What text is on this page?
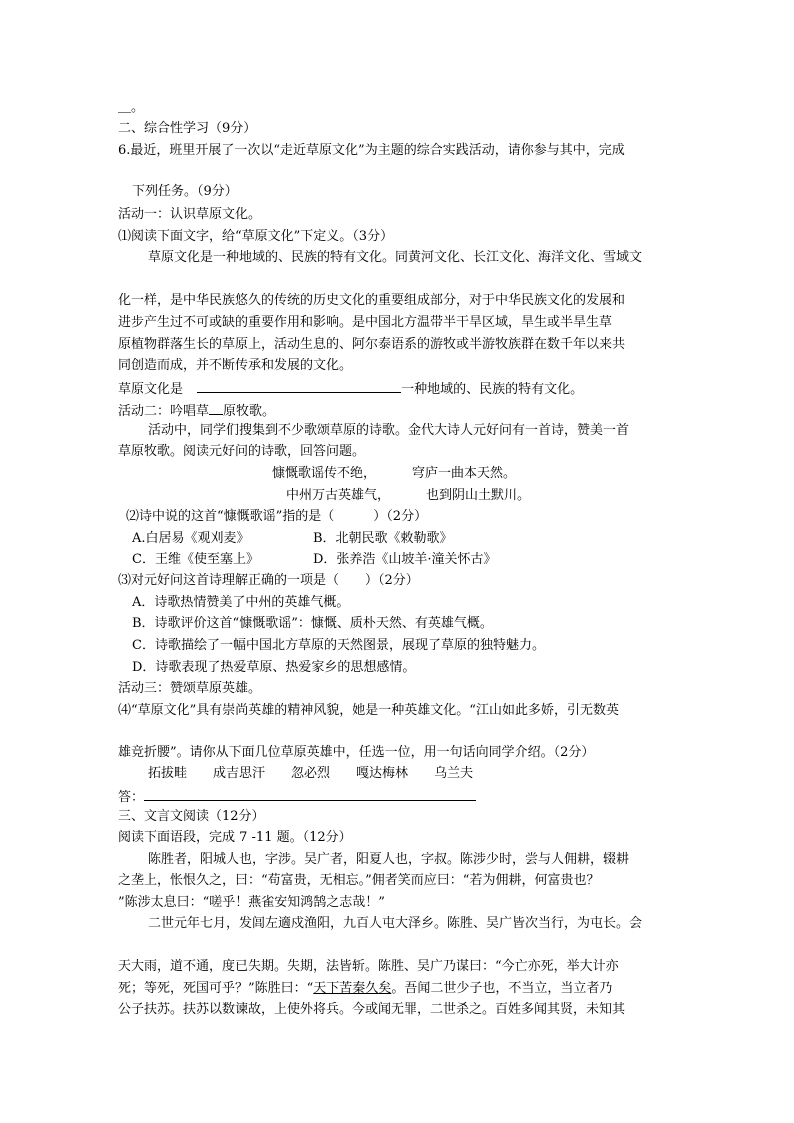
＿。
二、综合性学习（9分）
6.最近，班里开展了一次以“走近草原文化”为主题的综合实践活动，请你参与其中，完成
下列任务。（9分）
活动一：认识草原文化。
⑴阅读下面文字，给“草原文化”下定义。（3分）
草原文化是一种地域的、民族的特有文化。同黄河文化、长江文化、海洋文化、雪域文
化一样，是中华民族悠久的传统的历史文化的重要组成部分，对于中华民族文化的发展和
进步产生过不可或缺的重要作用和影响。是中国北方温带半干旱区域，旱生或半旱生草
原植物群落生长的草原上，活动生息的、阿尔泰语系的游牧或半游牧族群在数千年以来共
同创造而成，并不断传承和发展的文化。
草原文化是	一种地域的、民族的特有文化。
活动二：吟唱草 原牧歌。
活动中，同学们搜集到不少歌颂草原的诗歌。金代大诗人元好问有一首诗，赞美一首
草原牧歌。阅读元好问的诗歌，回答问题。
慷慨歌谣传不绝，	穹庐一曲本天然。
中州万古英雄气，	也到阴山土默川。
⑵诗中说的这首“慷慨歌谣”指的是（　　　）（2分）
A.白居易《观刈麦》	B．北朝民歌《敕勒歌》
C．王维《使至塞上》	D．张养浩《山坡羊·潼关怀古》
⑶对元好问这首诗理解正确的一项是（　　）（2分）
A．诗歌热情赞美了中州的英雄气概。
B．诗歌评价这首“慷慨歌谣”：慷慨、质朴天然、有英雄气概。
C．诗歌描绘了一幅中国北方草原的天然图景，展现了草原的独特魅力。
D．诗歌表现了热爱草原、热爱家乡的思想感情。
活动三：赞颂草原英雄。
⑷“草原文化”具有崇尚英雄的精神风貌，她是一种英雄文化。“江山如此多娇，引无数英
雄竞折腰”。请你从下面几位草原英雄中，任选一位，用一句话向同学介绍。（2分）
拓拔畦 成吉思汗 忽必烈 嘎达梅林 乌兰夫
答：
三、文言文阅读（12分）
阅读下面语段，完成 7 -11 题。（12分）
陈胜者，阳城人也，字涉。吴广者，阳夏人也，字叔。陈涉少时，尝与人佣耕，辍耕
之垄上，怅恨久之，曰：“苟富贵，无相忘。”佣者笑而应曰：“若为佣耕，何富贵也？
”陈涉太息曰：“嗟乎！燕雀安知鸿鹄之志哉！”
二世元年七月，发闾左適戍渔阳，九百人屯大泽乡。陈胜、吴广皆次当行，为屯长。会
天大雨，道不通，度已失期。失期，法皆斩。陈胜、吴广乃谋曰：“今亡亦死，举大计亦
死；等死，死国可乎？”陈胜曰：“天下苦秦久矣。吾闻二世少子也，不当立，当立者乃
公子扶苏。扶苏以数谏故，上使外将兵。今或闻无罪，二世杀之。百姓多闻其贤，未知其
